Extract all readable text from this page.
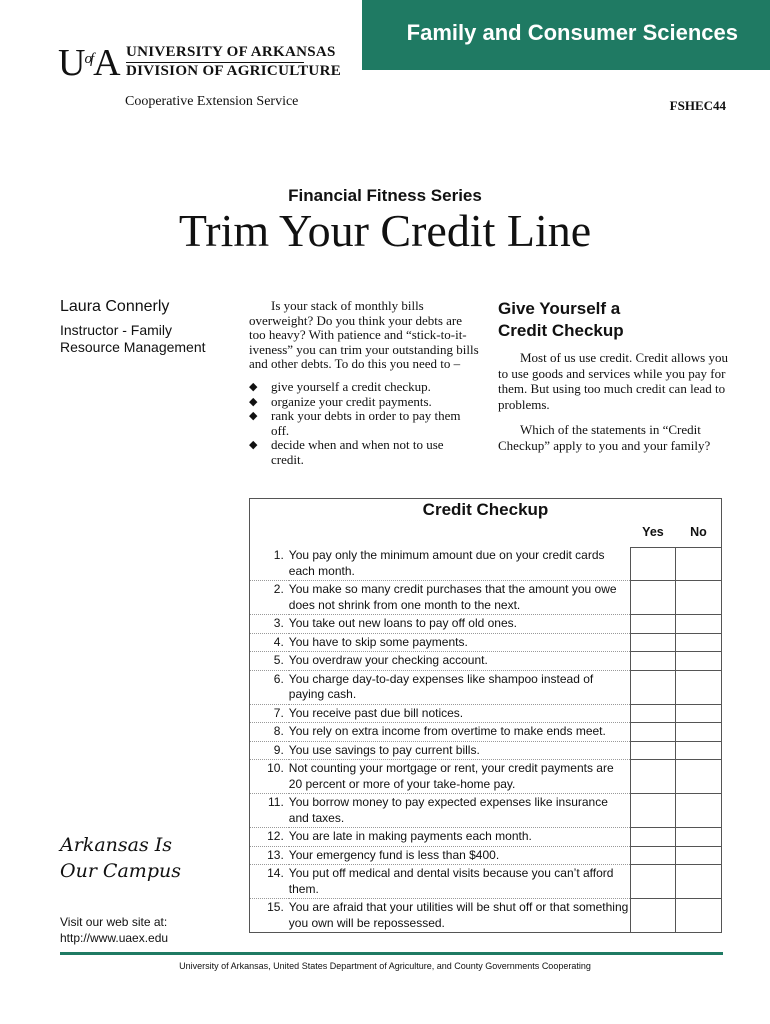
Family and Consumer Sciences
$U^{of}A$ UNIVERSITY OF ARKANSAS
DIVISION OF AGRICULTURE
Cooperative Extension Service	FSHEC44
Financial Fitness Series
Trim Your Credit Line
Laura Connerly
Instructor - Family
Resource Management

Is your stack of monthly bills overweight? Do you think your debts are too heavy? With patience and “stick-to-it-iveness” you can trim your outstanding bills and other debts. To do this you need to –

◆ give yourself a credit checkup.
◆ organize your credit payments.
◆ rank your debts in order to pay them off.
◆ decide when and when not to use credit.
Give Yourself a
Credit Checkup

Most of us use credit. Credit allows you to use goods and services while you pay for them. But using too much credit can lead to problems.

Which of the statements in “Credit Checkup” apply to you and your family?

Credit Checkup			
		Yes	No
1.	You pay only the minimum amount due on your credit cards each month.		
2.	You make so many credit purchases that the amount you owe does not shrink from one month to the next.		
3.	You take out new loans to pay off old ones.		
4.	You have to skip some payments.		
5.	You overdraw your checking account.		
6.	You charge day-to-day expenses like shampoo instead of paying cash.		
7.	You receive past due bill notices.		
8.	You rely on extra income from overtime to make ends meet.		
9.	You use savings to pay current bills.		
10.	Not counting your mortgage or rent, your credit payments are 20 percent or more of your take-home pay.		
11.	You borrow money to pay expected expenses like insurance and taxes.		
12.	You are late in making payments each month.		
13.	Your emergency fund is less than $400.		
14.	You put off medical and dental visits because you can’t afford them.		
15.	You are afraid that your utilities will be shut off or that something you own will be repossessed.		
Arkansas Is
Our Campus
Visit our web site at:
http://www.uaex.edu
University of Arkansas, United States Department of Agriculture, and County Governments Cooperating
